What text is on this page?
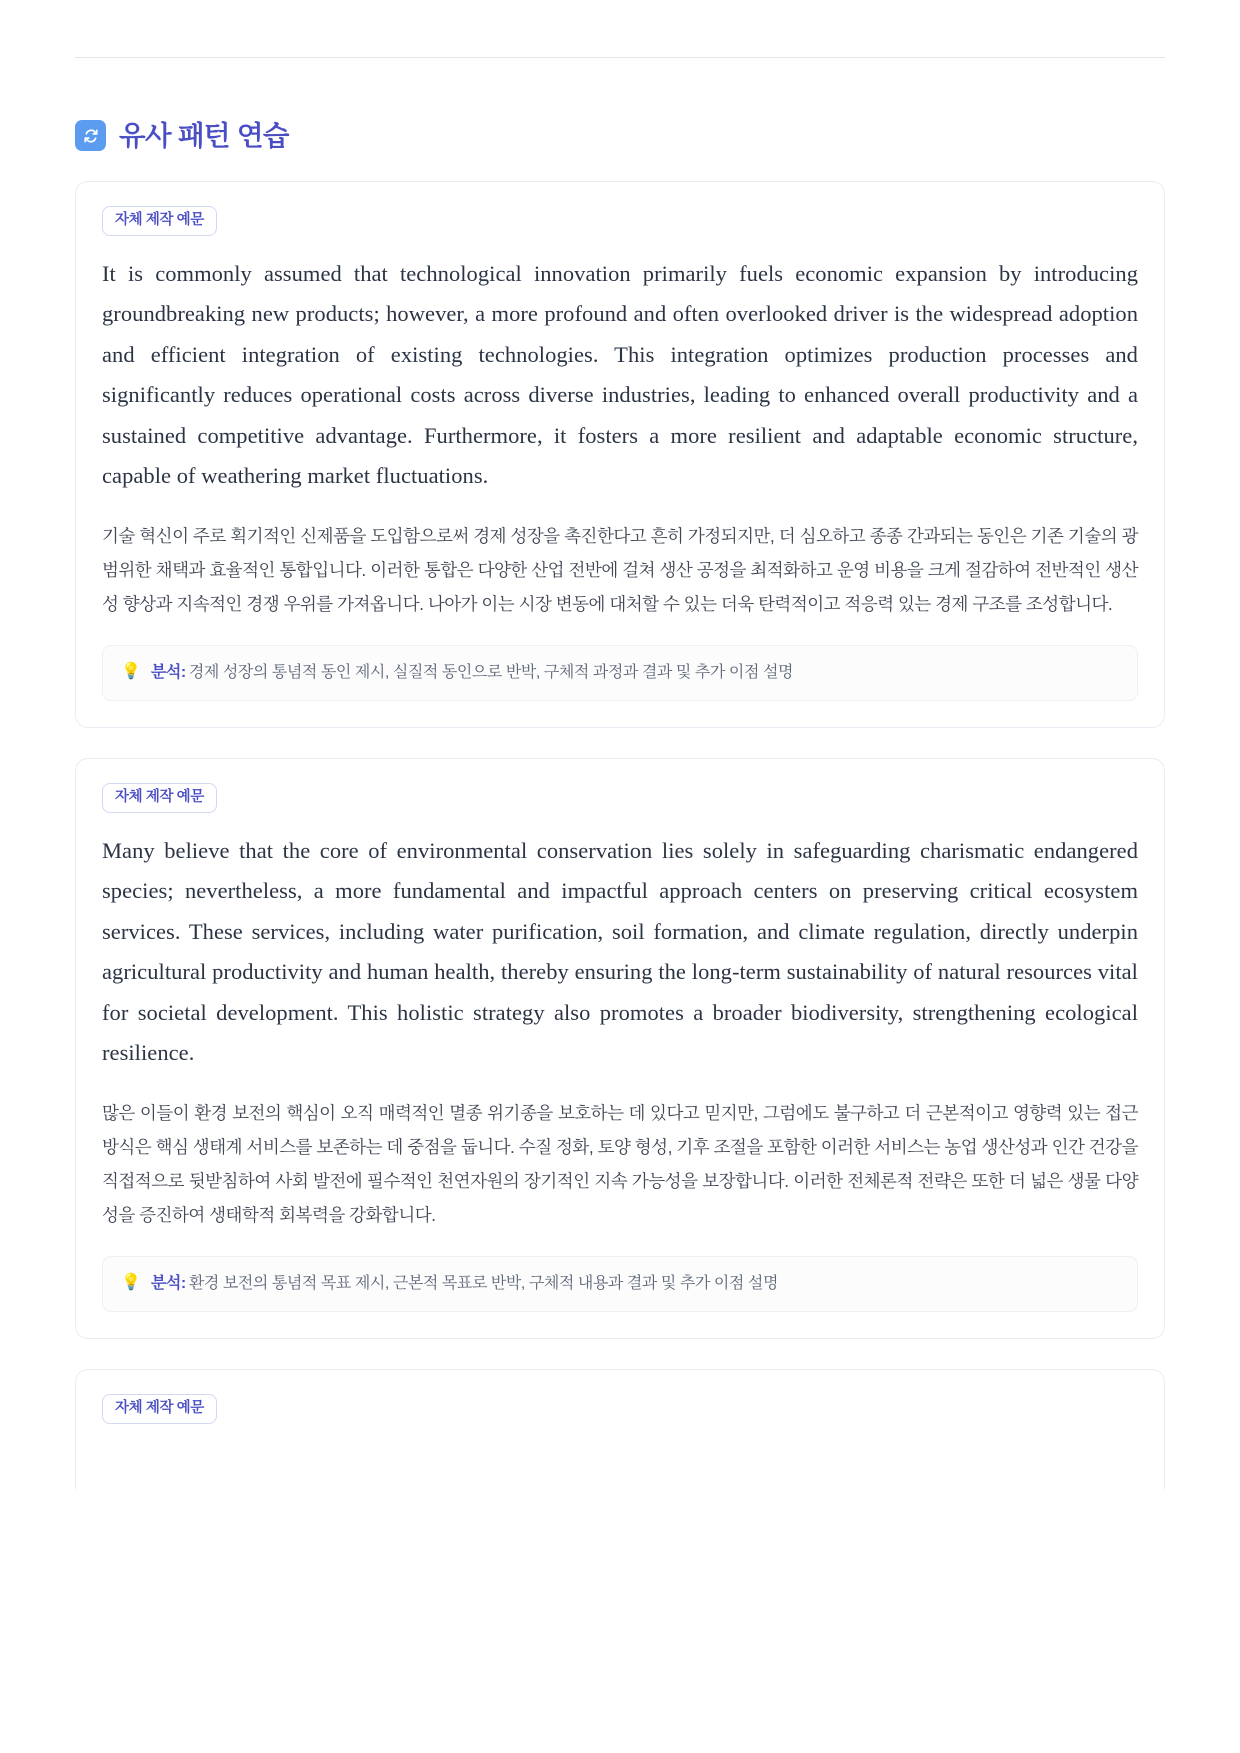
유사 패턴 연습
자체 제작 예문

It is commonly assumed that technological innovation primarily fuels economic expansion by introducing groundbreaking new products; however, a more profound and often overlooked driver is the widespread adoption and efficient integration of existing technologies. This integration optimizes production processes and significantly reduces operational costs across diverse industries, leading to enhanced overall productivity and a sustained competitive advantage. Furthermore, it fosters a more resilient and adaptable economic structure, capable of weathering market fluctuations.

기술 혁신이 주로 획기적인 신제품을 도입함으로써 경제 성장을 촉진한다고 흔히 가정되지만, 더 심오하고 종종 간과되는 동인은 기존 기술의 광범위한 채택과 효율적인 통합입니다. 이러한 통합은 다양한 산업 전반에 걸쳐 생산 공정을 최적화하고 운영 비용을 크게 절감하여 전반적인 생산성 향상과 지속적인 경쟁 우위를 가져옵니다. 나아가 이는 시장 변동에 대처할 수 있는 더욱 탄력적이고 적응력 있는 경제 구조를 조성합니다.

💡 분석: 경제 성장의 통념적 동인 제시, 실질적 동인으로 반박, 구체적 과정과 결과 및 추가 이점 설명
자체 제작 예문

Many believe that the core of environmental conservation lies solely in safeguarding charismatic endangered species; nevertheless, a more fundamental and impactful approach centers on preserving critical ecosystem services. These services, including water purification, soil formation, and climate regulation, directly underpin agricultural productivity and human health, thereby ensuring the long-term sustainability of natural resources vital for societal development. This holistic strategy also promotes a broader biodiversity, strengthening ecological resilience.

많은 이들이 환경 보전의 핵심이 오직 매력적인 멸종 위기종을 보호하는 데 있다고 믿지만, 그럼에도 불구하고 더 근본적이고 영향력 있는 접근 방식은 핵심 생태계 서비스를 보존하는 데 중점을 둡니다. 수질 정화, 토양 형성, 기후 조절을 포함한 이러한 서비스는 농업 생산성과 인간 건강을 직접적으로 뒷받침하여 사회 발전에 필수적인 천연자원의 장기적인 지속 가능성을 보장합니다. 이러한 전체론적 전략은 또한 더 넓은 생물 다양성을 증진하여 생태학적 회복력을 강화합니다.

💡 분석: 환경 보전의 통념적 목표 제시, 근본적 목표로 반박, 구체적 내용과 결과 및 추가 이점 설명
자체 제작 예문
